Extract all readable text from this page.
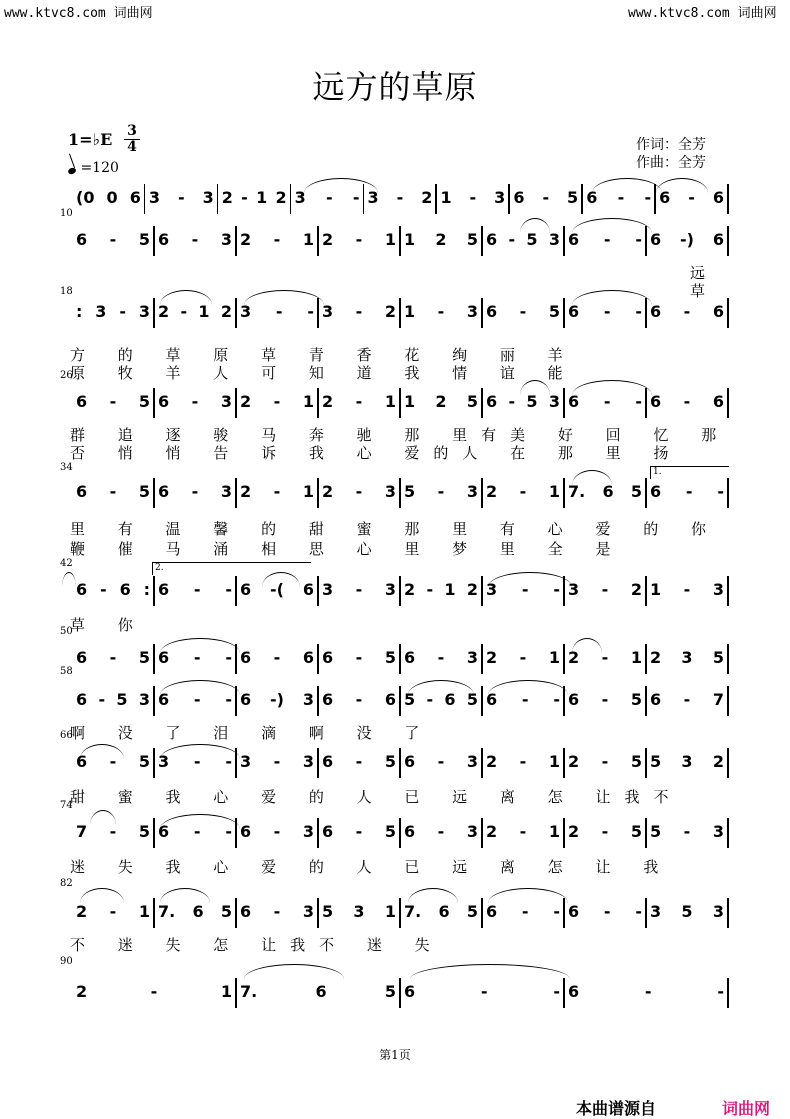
www.ktvc8.com 词曲网	www.ktvc8.com 词曲网
远方的草原
1=♭E $\frac{3}{4}$
=120
作词：全芳
作曲：全芳
(0 0 6 3 - 3 2 - 1 2 3 - - 3 - 2 1 - 3 6 - 5 6 - - 6 - 6
10
6 - 5 6 - 3 2 - 1 2 - 1 1 2 5 6 - 5 3 6 - - 6 -) 6
远
草
18
: 3 - 3 2 - 1 2 3 - - 3 - 2 1 - 3 6 - 5 6 - - 6 - 6
方 的 草 原 草 青 香 花 绚 丽 羊
原 牧 羊 人 可 知 道 我 情 谊 能
26
6 - 5 6 - 3 2 - 1 2 - 1 1 2 5 6 - 5 3 6 - - 6 - 6
群 追 逐 骏 马 奔 驰 那 里有美 好 回 忆 那
否 悄 悄 告 诉 我 心 爱的人 在 那 里 扬
34
6 - 5 6 - 3 2 - 1 2 - 3 5 - 3 2 - 1 7. 6 5 6 - -
里 有 温 馨 的 甜 蜜 那 里 有 心 爱 的 你
鞭 催 马 涌 相 思 心 里 梦 里 全 是
42
6 - 6 : 6 - - 6 -( 6 3 - 3 2 - 1 2 3 - - 3 - 2 1 - 3
草 你
50
6 - 5 6 - - 6 - 6 6 - 5 6 - 3 2 - 1 2 - 1 2 3 5
58
6 - 5 3 6 - - 6 -) 3 6 - 6 5 - 6 5 6 - - 6 - 5 6 - 7
啊 没 了 泪 滴 啊 没 了
66
6 - 5 3 - - 3 - 3 6 - 5 6 - 3 2 - 1 2 - 5 5 3 2
甜 蜜 我 心 爱 的 人 已 远 离 怎 让我不
74
7 - 5 6 - - 6 - 3 6 - 5 6 - 3 2 - 1 2 - 5 5 - 3
迷 失 我 心 爱 的 人 已 远 离 怎 让 我
82
2 - 1 7. 6 5 6 - 3 5 3 1 7. 6 5 6 - - 6 - - 3 5 3
不 迷 失 怎 让我不 迷 失
90
2	-	1 7.	6	5 6	-	- 6	-	-
1.
2.
第1页
本曲谱源自	词曲网
